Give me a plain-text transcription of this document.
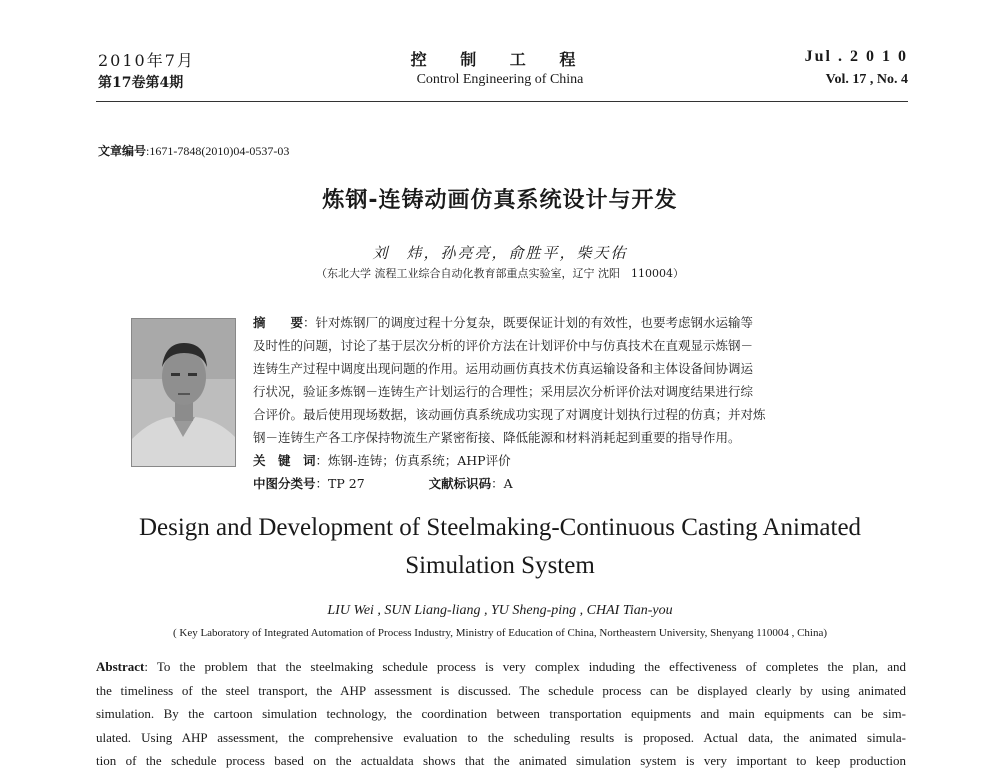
2010年7月
第17卷第4期
控 制 工 程
Control Engineering of China
Jul . 2 0 1 0
Vol. 17 , No. 4
文章编号:1671-7848(2010)04-0537-03
炼钢-连铸动画仿真系统设计与开发
刘　炜，孙亮亮，俞胜平，柴天佑
（东北大学 流程工业综合自动化教育部重点实验室，辽宁 沈阳　110004）
摘　　要：针对炼钢厂的调度过程十分复杂，既要保证计划的有效性，也要考虑钢水运输等
及时性的问题，讨论了基于层次分析的评价方法在计划评价中与仿真技术在直观显示炼钢－
连铸生产过程中调度出现问题的作用。运用动画仿真技术仿真运输设备和主体设备间协调运
行状况，验证多炼钢－连铸生产计划运行的合理性；采用层次分析评价法对调度结果进行综
合评价。最后使用现场数据，该动画仿真系统成功实现了对调度计划执行过程的仿真；并对炼
钢－连铸生产各工序保持物流生产紧密衔接、降低能源和材料消耗起到重要的指导作用。
关　键　词：炼钢-连铸；仿真系统；AHP评价
中图分类号：TP 27	文献标识码：A
Design and Development of Steelmaking-Continuous Casting Animated
Simulation System
LIU Wei , SUN Liang-liang , YU Sheng-ping , CHAI Tian-you
( Key Laboratory of Integrated Automation of Process Industry, Ministry of Education of China, Northeastern University, Shenyang 110004 , China)
Abstract: To the problem that the steelmaking schedule process is very complex induding the effectiveness of completes the plan, and
the timeliness of the steel transport, the AHP assessment is discussed. The schedule process can be displayed clearly by using animated
simulation. By the cartoon simulation technology, the coordination between transportation equipments and main equipments can be sim-
ulated. Using AHP assessment, the comprehensive evaluation to the scheduling results is proposed. Actual data, the animated simula-
tion of the schedule process based on the actualdata shows that the animated simulation system is very important to keep production
